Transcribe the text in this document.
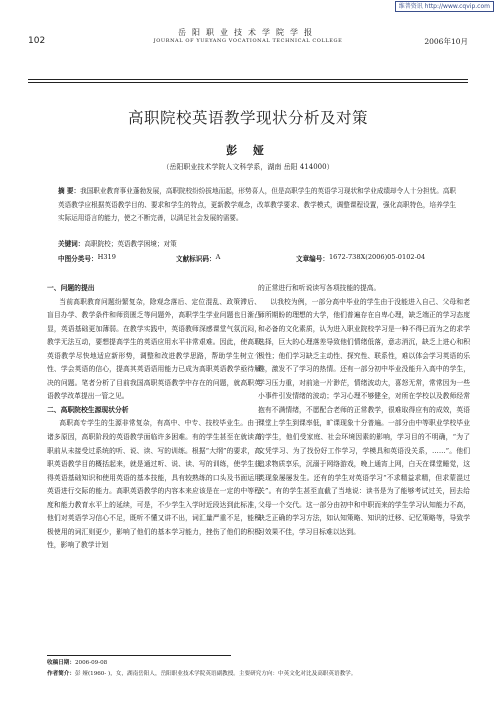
维普资讯 http://www.cqvip.com
102
岳阳职业技术学院学报
JOURNAL OF YUEYANG VOCATIONAL TECHNICAL COLLEGE	2006年10月
高职院校英语教学现状分析及对策
彭 娅
（岳阳职业技术学院人文科学系，湖南 岳阳 414000）
摘 要：我国职业教育事业蓬勃发展，高职院校纷纷拔地而起，形势喜人，但是高职学生的英语学习现状和学业成绩却令人十分担忧。高职英语教学应根据英语教学目的、要求和学生的特点，更新教学观念，改革教学要求、教学模式，调整课程设置，强化高职特色，培养学生实际运用语言的能力，使之不断完善，以满足社会发展的需要。
关键词： 高职院校；英语教学困境；对策
中图分类号： H319	文献标识码： A	文章编号： 1672-738X(2006)05-0102-04
一、问题的提出

当前高职教育问题纷繁复杂，除观念落后、定位混乱、政策滞后、盲目办学、教学条件和师资匮乏等问题外，高职学生学业问题也日渐凸显，英语基础更加薄弱。在教学实践中，英语教师深感课堂气氛沉闷，教学无法互动，要想提高学生的英语应用水平非常艰难。因此，使高职英语教学尽快地适应新形势，调整和改进教学思路，帮助学生树立个性、学会英语的信心，提高其英语语用能力已成为高职英语教学亟待解决的问题。笔者分析了目前我国高职英语教学中存在的问题，就高职英语教学改革提出一管之见。

二、高职院校生源现状分析

高职高专学生的生源非常复杂，有高中、中专、技校毕业生。由于诸多原因，高职阶段的英语教学面临许多困难。有的学生甚至在就读高职前从未接受过系统的听、说、读、写的训练。根据“大纲”的要求，高职英语教学目的概括起来，就是通过听、说、读、写的训练，使学生获得英语基础知识和使用英语的基本技能，具有较熟练的口头及书面运用英语进行交际的能力。高职英语教学的内容本来应该是在一定的中等程度和能力教育水平上的延续，可是，不少学生入学时近段达到此标准，他们对英语学习信心不足，既听不懂又讲不出，词汇量严重不足，能积极使用的词汇则更少，影响了他们的基本学习能力，挫伤了他们的积极性，影响了教学计划

的正常进行和听说读写各项技能的提高。

以我校为例，一部分高中毕业的学生由于没能进入自己、父母和老师所期盼的理想的大学，他们普遍存在自卑心理，缺乏端正的学习态度和必备的文化素质，认为进入职业院校学习是一种不得已而为之的求学选择，巨大的心理落差导致他们情绪低落，意志消沉，缺乏上进心和积极性；他们学习缺乏主动性、探究性、联系性，难以体会学习英语的乐趣，激发不了学习的热情。还有一部分初中毕业没能升入高中的学生，学习压力重，对前途一片渺茫，情绪波动大，喜怒无常，常常因为一些小事件引发情绪的波动；学习心理不够健全，对所在学校以及教师经常抱有不满情绪，不愿配合老师的正常教学，很难取得应有的成效，英语课堂上学生到课率低，旷课现象十分普遍。一部分由中等职业学校毕业的学生，他们受家庭、社会环境因素的影响，学习目的不明确，“为了文凭学习、为了找份好工作学习，学模具和英语没关系，……”。他们追求物质享乐，沉溺于网络游戏，晚上通宵上网，白天在课堂睡觉，这类现象屡屡发生。还有的学生对英语学习“不求精益求精，但求蒙混过关”。有的学生甚至直截了当地说：读书是为了能够考试过关，回去给父母一个交代。这一部分由初中和中职而来的学生学习认知能力不高，缺乏正确的学习方法，如认知策略、知识的迁移、记忆策略等，导致学习效果不佳，学习目标难以达到。

收稿日期：2006-09-08
作者简介：彭 娅(1960- )，女，湖南岳阳人，岳阳职业技术学院英语副教授。主要研究方向：中英文化对比及高职英语教学。
